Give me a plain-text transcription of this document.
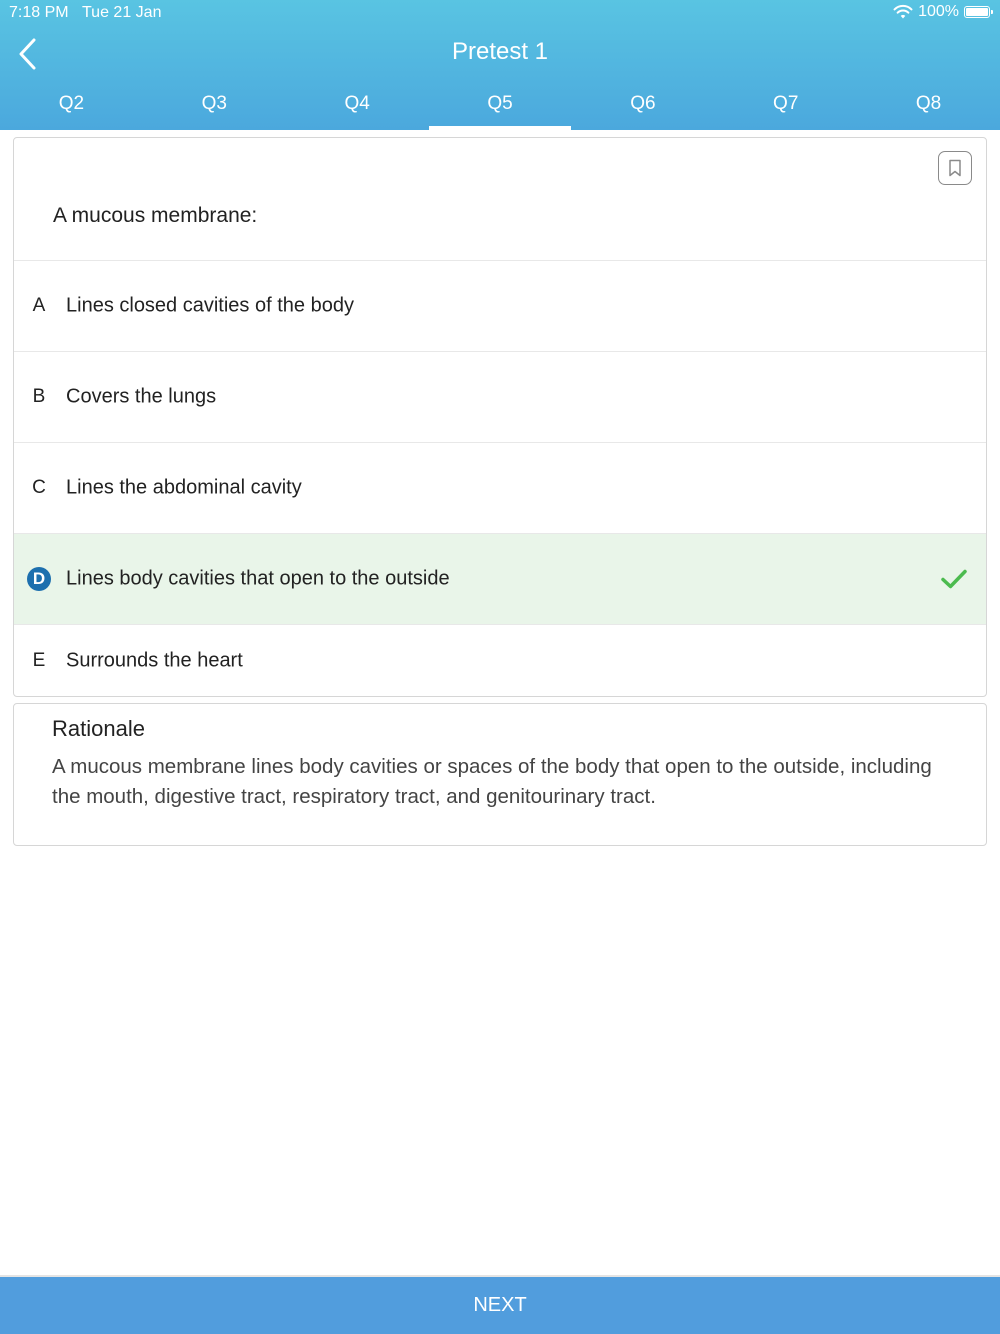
7:18 PM Tue 21 Jan	100%
Pretest 1
Q2	Q3	Q4	Q5	Q6	Q7	Q8
A mucous membrane:
A Lines closed cavities of the body
B Covers the lungs
C Lines the abdominal cavity
D Lines body cavities that open to the outside
E Surrounds the heart
Rationale
A mucous membrane lines body cavities or spaces of the body that open to the outside, including the mouth, digestive tract, respiratory tract, and genitourinary tract.
NEXT
